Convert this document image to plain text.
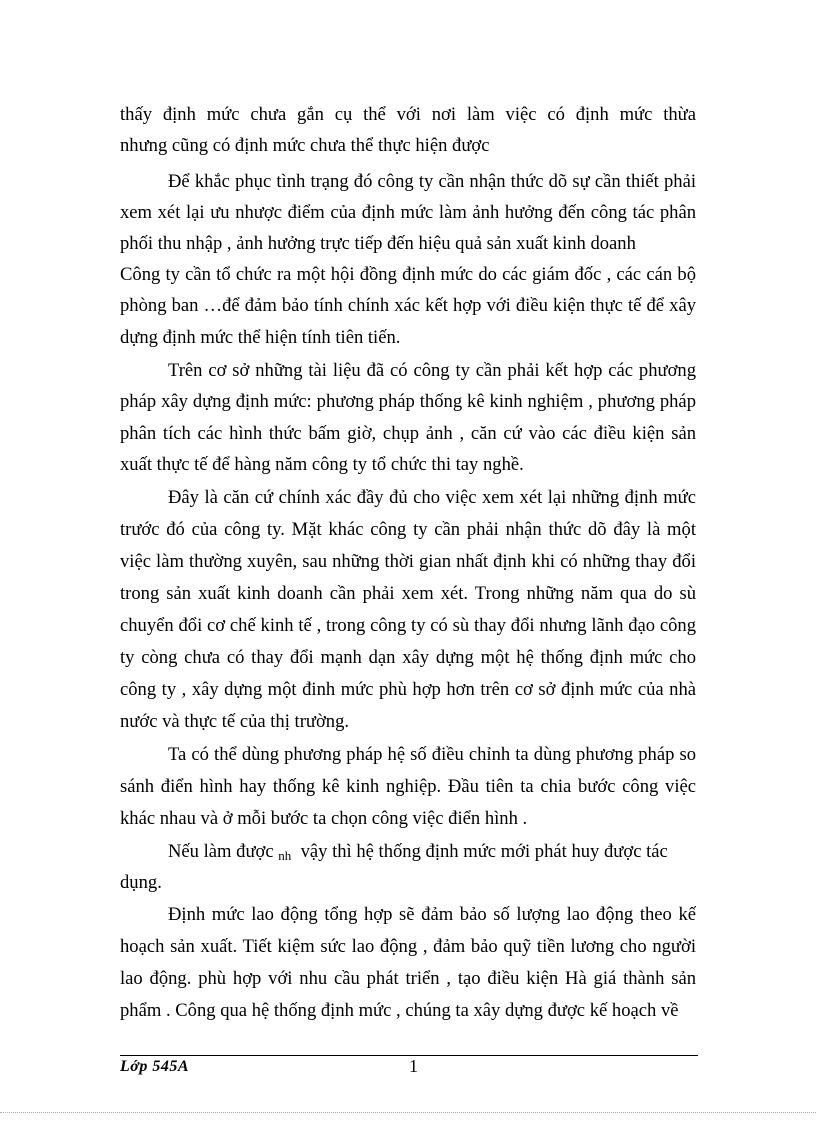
thấy định mức chưa gắn cụ thể với nơi làm việc có định mức thừa
nhưng cũng có định mức chưa thể thực hiện được
Để khắc phục tình trạng đó công ty cần nhận thức dõ sự cần thiết phải
xem xét lại ưu nhược điểm của định mức làm ảnh hưởng đến công tác phân
phối thu nhập , ảnh hưởng trực tiếp đến hiệu quả sản xuất kinh doanh
Công ty cần tổ chức ra một hội đồng định mức do các giám đốc , các cán bộ
phòng ban …để đảm bảo tính chính xác kết hợp với điều kiện thực tế để xây
dựng định mức thể hiện tính tiên tiến.
Trên cơ sở những tài liệu đã có công ty cần phải kết hợp các phương
pháp xây dựng định mức: phương pháp thống kê kinh nghiệm , phương pháp
phân tích các hình thức bấm giờ, chụp ảnh , căn cứ vào các điều kiện sản
xuất thực tế để hàng năm công ty tổ chức thi tay nghề.
Đây là căn cứ chính xác đầy đủ cho việc xem xét lại những định mức
trước đó của công ty. Mặt khác công ty cần phải nhận thức dõ đây là một
việc làm thường xuyên, sau những thời gian nhất định khi có những thay đổi
trong sản xuất kinh doanh cần phải xem xét. Trong những năm qua do sù
chuyển đổi cơ chế kinh tế , trong công ty có sù thay đổi nhưng lãnh đạo công
ty còng chưa có thay đổi mạnh dạn xây dựng một hệ thống định mức cho
công ty , xây dựng một đinh mức phù hợp hơn trên cơ sở định mức của nhà
nước và thực tế của thị trường.
Ta có thể dùng phương pháp hệ số điều chỉnh ta dùng phương pháp so
sánh điển hình hay thống kê kinh nghiệp. Đầu tiên ta chia bước công việc
khác nhau và ở mỗi bước ta chọn công việc điển hình .
Nếu làm được $_{nh}$ vậy thì hệ thống định mức mới phát huy được tác
dụng.
Định mức lao động tổng hợp sẽ đảm bảo số lượng lao động theo kế
hoạch sản xuất. Tiết kiệm sức lao động , đảm bảo quỹ tiền lương cho người
lao động. phù hợp với nhu cầu phát triển , tạo điều kiện Hà giá thành sản
phẩm . Công qua hệ thống định mức , chúng ta xây dựng được kế hoạch về
Lớp 545A	1
